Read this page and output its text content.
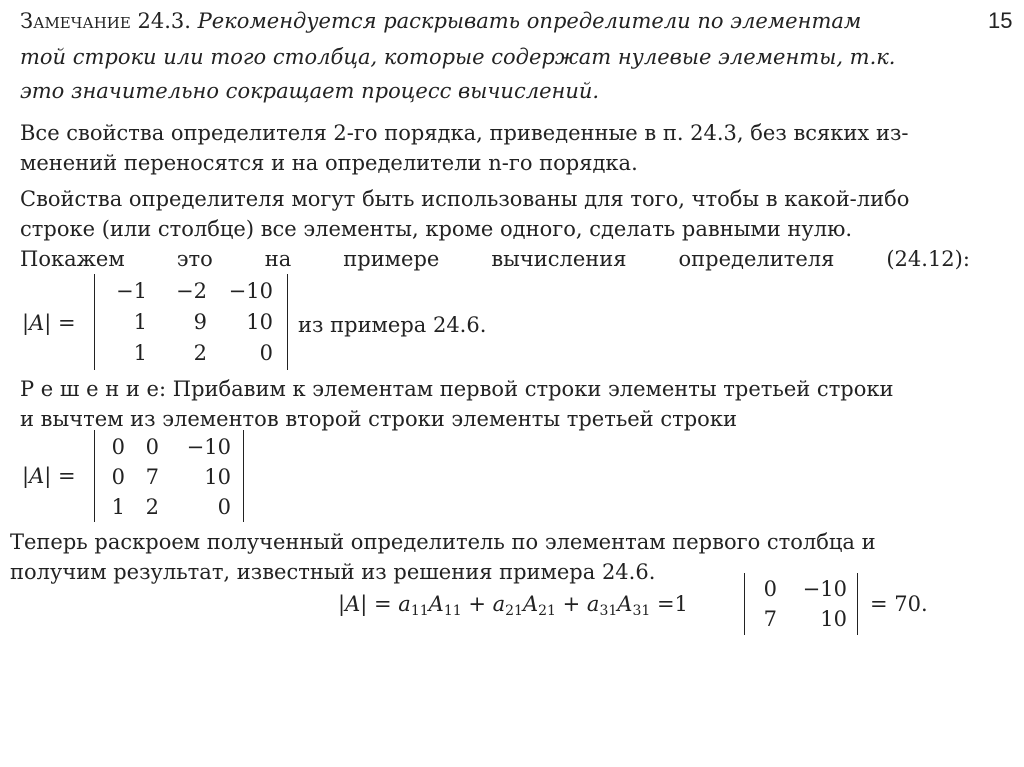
15
Замечание 24.3. Рекомендуется раскрывать определители по элементам
той строки или того столбца, которые содержат нулевые элементы, т.к.
это значительно сокращает процесс вычислений.
Все свойства определителя 2-го порядка, приведенные в п. 24.3, без всяких из-
менений переносятся и на определители n-го порядка.
Свойства определителя могут быть использованы для того, чтобы в какой-либо
строке (или столбце) все элементы, кроме одного, сделать равными нулю.
Покажем это на примере вычисления определителя (24.12):
|A| =
−1 −2 −10
1 9 10
1 2	0
из примера 24.6.
Р е ш е н и е: Прибавим к элементам первой строки элементы третьей строки
и вычтем из элементов второй строки элементы третьей строки
|A| =
0 0 −10
0 7 10
1 2	0
Теперь раскроем полученный определитель по элементам первого столбца и
получим результат, известный из решения примера 24.6.
$|A| = a_{11}A_{11} + a_{21}A_{21} + a_{31}A_{31} =1$
0 −10
7 10
= 70.
